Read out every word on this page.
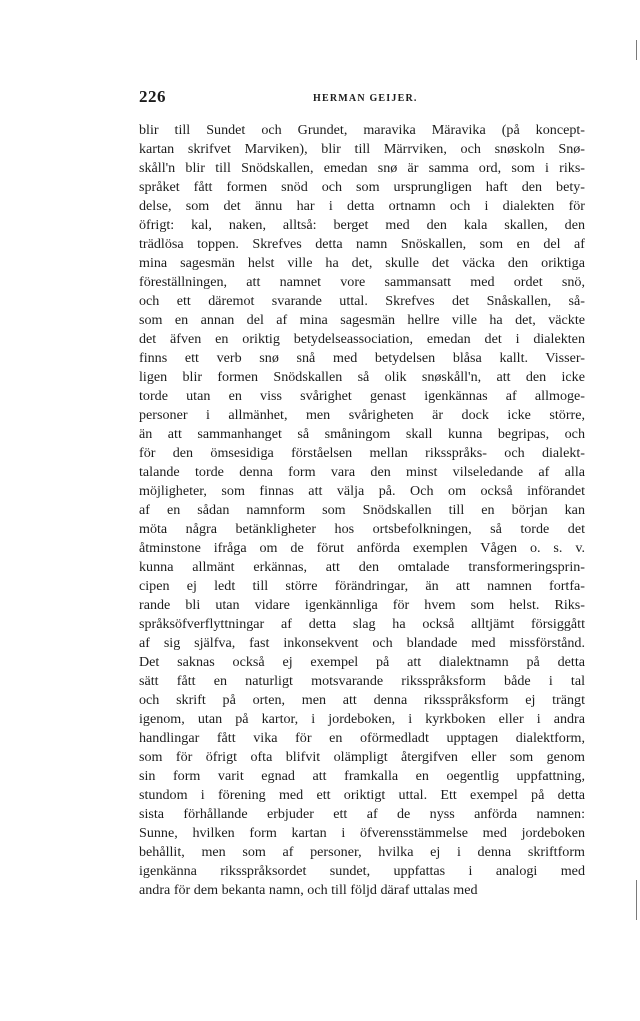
226	HERMAN GEIJER.
blir till Sundet och Grundet, maravika Märavika (på koncept-
kartan skrifvet Marviken), blir till Märrviken, och snøskoln Snø-
skåll'n blir till Snödskallen, emedan snø är samma ord, som i riks-
språket fått formen snöd och som ursprungligen haft den bety-
delse, som det ännu har i detta ortnamn och i dialekten för
öfrigt: kal, naken, alltså: berget med den kala skallen, den
trädlösa toppen. Skrefves detta namn Snöskallen, som en del af
mina sagesmän helst ville ha det, skulle det väcka den oriktiga
föreställningen, att namnet vore sammansatt med ordet snö,
och ett däremot svarande uttal. Skrefves det Snåskallen, så-
som en annan del af mina sagesmän hellre ville ha det, väckte
det äfven en oriktig betydelseassociation, emedan det i dialekten
finns ett verb snø snå med betydelsen blåsa kallt. Visser-
ligen blir formen Snödskallen så olik snøskåll'n, att den icke
torde utan en viss svårighet genast igenkännas af allmoge-
personer i allmänhet, men svårigheten är dock icke större,
än att sammanhanget så småningom skall kunna begripas, och
för den ömsesidiga förståelsen mellan riksspråks- och dialekt-
talande torde denna form vara den minst vilseledande af alla
möjligheter, som finnas att välja på. Och om också införandet
af en sådan namnform som Snödskallen till en början kan
möta några betänkligheter hos ortsbefolkningen, så torde det
åtminstone ifråga om de förut anförda exemplen Vågen o. s. v.
kunna allmänt erkännas, att den omtalade transformeringsprin-
cipen ej ledt till större förändringar, än att namnen fortfa-
rande bli utan vidare igenkännliga för hvem som helst. Riks-
språksöfverflyttningar af detta slag ha också alltjämt försiggått
af sig själfva, fast inkonsekvent och blandade med missförstånd.
Det saknas också ej exempel på att dialektnamn på detta
sätt fått en naturligt motsvarande riksspråksform både i tal
och skrift på orten, men att denna riksspråksform ej trängt
igenom, utan på kartor, i jordeboken, i kyrkboken eller i andra
handlingar fått vika för en oförmedladt upptagen dialektform,
som för öfrigt ofta blifvit olämpligt återgifven eller som genom
sin form varit egnad att framkalla en oegentlig uppfattning,
stundom i förening med ett oriktigt uttal. Ett exempel på detta
sista förhållande erbjuder ett af de nyss anförda namnen:
Sunne, hvilken form kartan i öfverensstämmelse med jordeboken
behållit, men som af personer, hvilka ej i denna skriftform
igenkänna riksspråksordet sundet, uppfattas i analogi med
andra för dem bekanta namn, och till följd däraf uttalas med
